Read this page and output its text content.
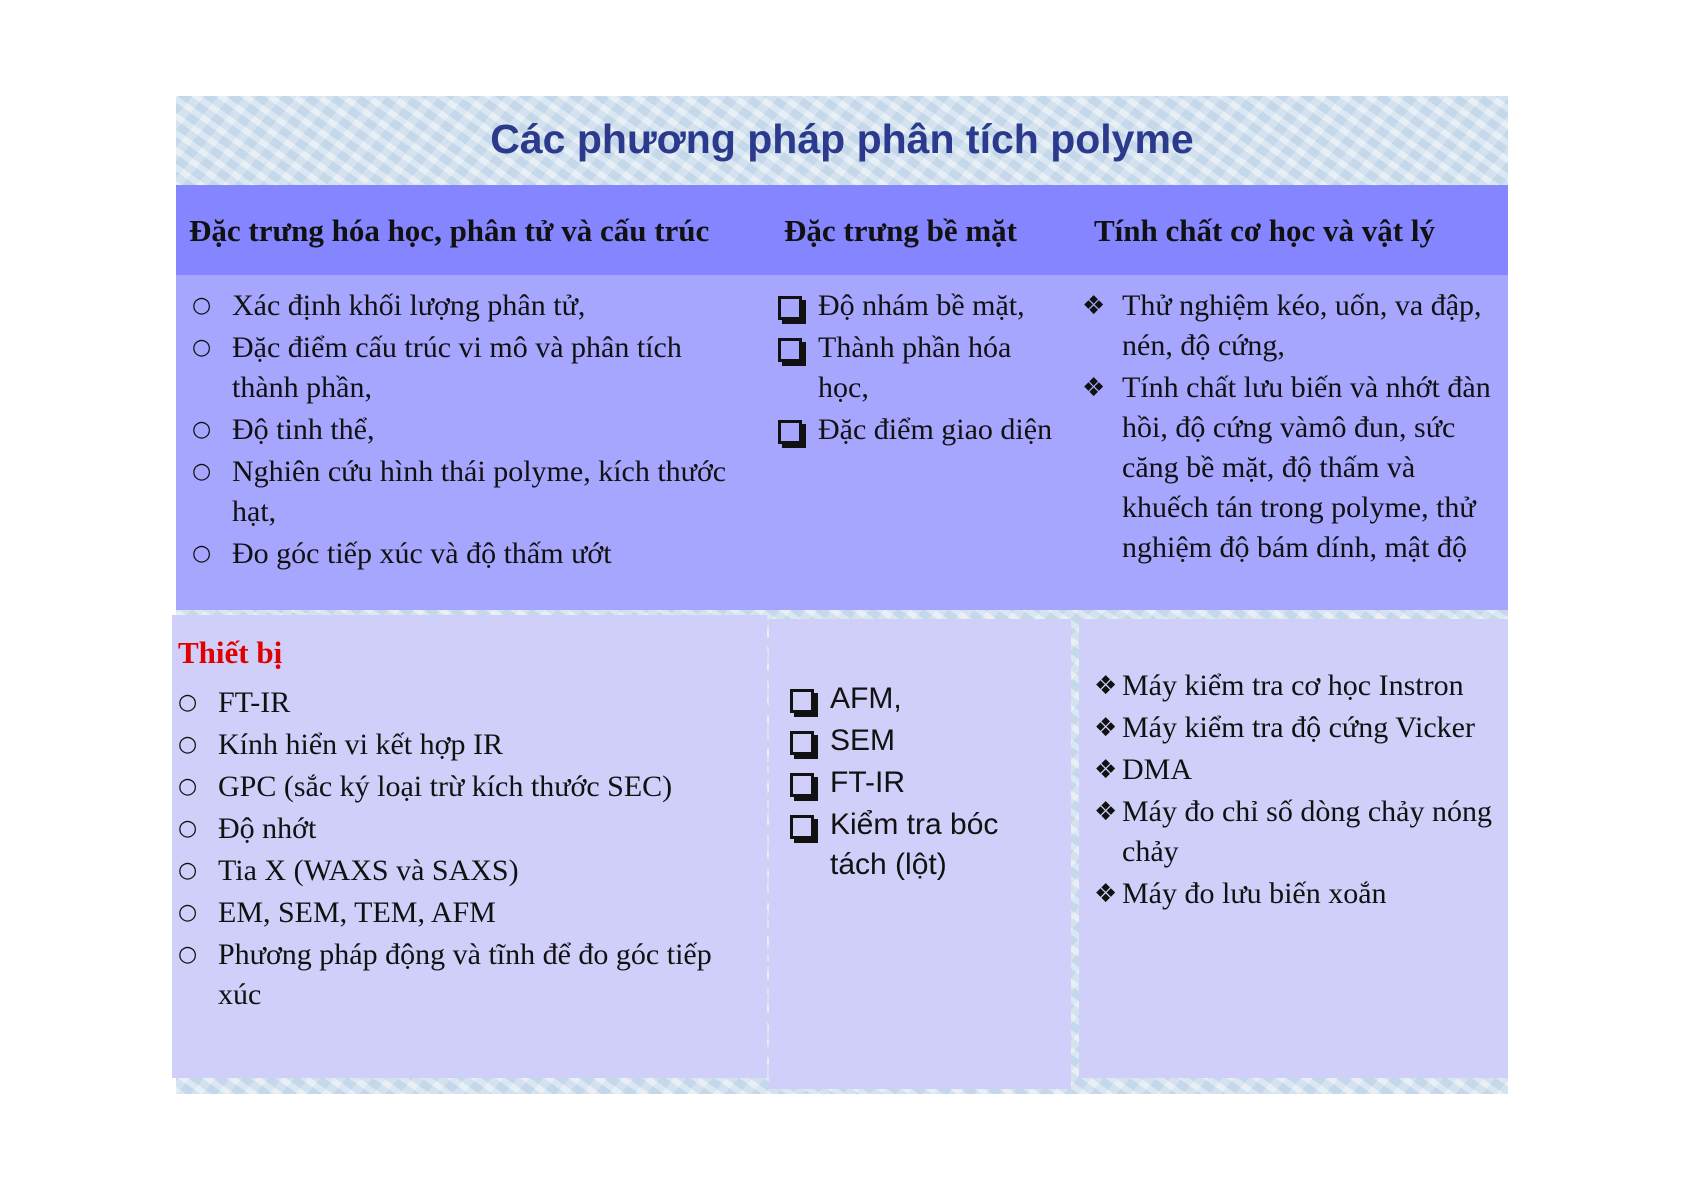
Các phương pháp phân tích polyme
Đặc trưng hóa học, phân tử và cấu trúc Đặc trưng bề mặt Tính chất cơ học và vật lý
○ Xác định khối lượng phân tử,
○ Đặc điểm cấu trúc vi mô và phân tích thành phần,
○ Độ tinh thể,
○ Nghiên cứu hình thái polyme, kích thước hạt,
○ Đo góc tiếp xúc và độ thấm ướt
Độ nhám bề mặt,
Thành phần hóa học,
Đặc điểm giao diện
❖ Thử nghiệm kéo, uốn, va đập, nén, độ cứng,
❖ Tính chất lưu biến và nhớt đàn hồi, độ cứng vàmô đun, sức căng bề mặt, độ thấm và khuếch tán trong polyme, thử nghiệm độ bám dính, mật độ

Thiết bị

○ FT-IR
○ Kính hiển vi kết hợp IR
○ GPC (sắc ký loại trừ kích thước SEC)
○ Độ nhớt
○ Tia X (WAXS và SAXS)
○ EM, SEM, TEM, AFM
○ Phương pháp động và tĩnh để đo góc tiếp xúc
AFM,
SEM
FT-IR
Kiểm tra bóc tách (lột)
❖ Máy kiểm tra cơ học Instron
❖ Máy kiểm tra độ cứng Vicker
❖ DMA
❖ Máy đo chỉ số dòng chảy nóng chảy
❖ Máy đo lưu biến xoắn
